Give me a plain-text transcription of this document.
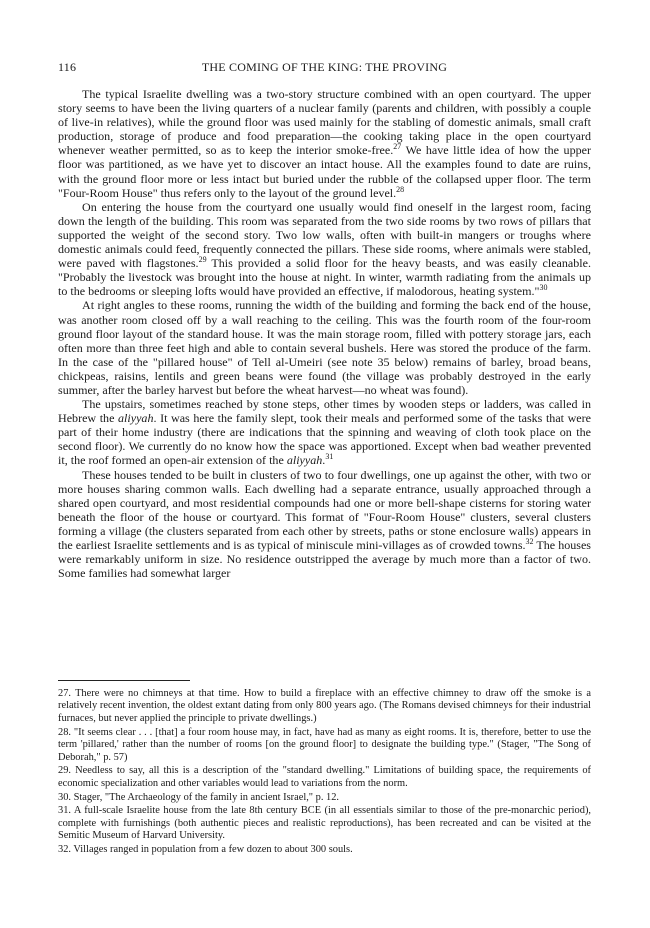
116	THE COMING OF THE KING: THE PROVING

The typical Israelite dwelling was a two-story structure combined with an open courtyard. The upper story seems to have been the living quarters of a nuclear family (parents and children, with possibly a couple of live-in relatives), while the ground floor was used mainly for the stabling of domestic animals, small craft production, storage of produce and food preparation—the cooking taking place in the open courtyard whenever weather permitted, so as to keep the interior smoke-free.$^{27}$ We have little idea of how the upper floor was partitioned, as we have yet to discover an intact house. All the examples found to date are ruins, with the ground floor more or less intact but buried under the rubble of the collapsed upper floor. The term "Four-Room House" thus refers only to the layout of the ground level.$^{28}$

On entering the house from the courtyard one usually would find oneself in the largest room, facing down the length of the building. This room was separated from the two side rooms by two rows of pillars that supported the weight of the second story. Two low walls, often with built-in mangers or troughs where domestic animals could feed, frequently connected the pillars. These side rooms, where animals were stabled, were paved with flagstones.$^{29}$ This provided a solid floor for the heavy beasts, and was easily cleanable. "Probably the livestock was brought into the house at night. In winter, warmth radiating from the animals up to the bedrooms or sleeping lofts would have provided an effective, if malodorous, heating system."$^{30}$

At right angles to these rooms, running the width of the building and forming the back end of the house, was another room closed off by a wall reaching to the ceiling. This was the fourth room of the four-room ground floor layout of the standard house. It was the main storage room, filled with pottery storage jars, each often more than three feet high and able to contain several bushels. Here was stored the produce of the farm. In the case of the "pillared house" of Tell al-Umeiri (see note 35 below) remains of barley, broad beans, chickpeas, raisins, lentils and green beans were found (the village was probably destroyed in the early summer, after the barley harvest but before the wheat harvest—no wheat was found).

The upstairs, sometimes reached by stone steps, other times by wooden steps or ladders, was called in Hebrew the aliyyah. It was here the family slept, took their meals and performed some of the tasks that were part of their home industry (there are indications that the spinning and weaving of cloth took place on the second floor). We currently do no know how the space was apportioned. Except when bad weather prevented it, the roof formed an open-air extension of the aliyyah.$^{31}$

These houses tended to be built in clusters of two to four dwellings, one up against the other, with two or more houses sharing common walls. Each dwelling had a separate entrance, usually approached through a shared open courtyard, and most residential compounds had one or more bell-shape cisterns for storing water beneath the floor of the house or courtyard. This format of "Four-Room House" clusters, several clusters forming a village (the clusters separated from each other by streets, paths or stone enclosure walls) appears in the earliest Israelite settlements and is as typical of miniscule mini-villages as of crowded towns.$^{32}$ The houses were remarkably uniform in size. No residence outstripped the average by much more than a factor of two. Some families had somewhat larger

27. There were no chimneys at that time. How to build a fireplace with an effective chimney to draw off the smoke is a relatively recent invention, the oldest extant dating from only 800 years ago. (The Romans devised chimneys for their industrial furnaces, but never applied the principle to private dwellings.)

28. "It seems clear . . . [that] a four room house may, in fact, have had as many as eight rooms. It is, therefore, better to use the term 'pillared,' rather than the number of rooms [on the ground floor] to designate the building type." (Stager, "The Song of Deborah," p. 57)

29. Needless to say, all this is a description of the "standard dwelling." Limitations of building space, the requirements of economic specialization and other variables would lead to variations from the norm.

30. Stager, "The Archaeology of the family in ancient Israel," p. 12.

31. A full-scale Israelite house from the late 8th century BCE (in all essentials similar to those of the pre-monarchic period), complete with furnishings (both authentic pieces and realistic reproductions), has been recreated and can be visited at the Semitic Museum of Harvard University.

32. Villages ranged in population from a few dozen to about 300 souls.
